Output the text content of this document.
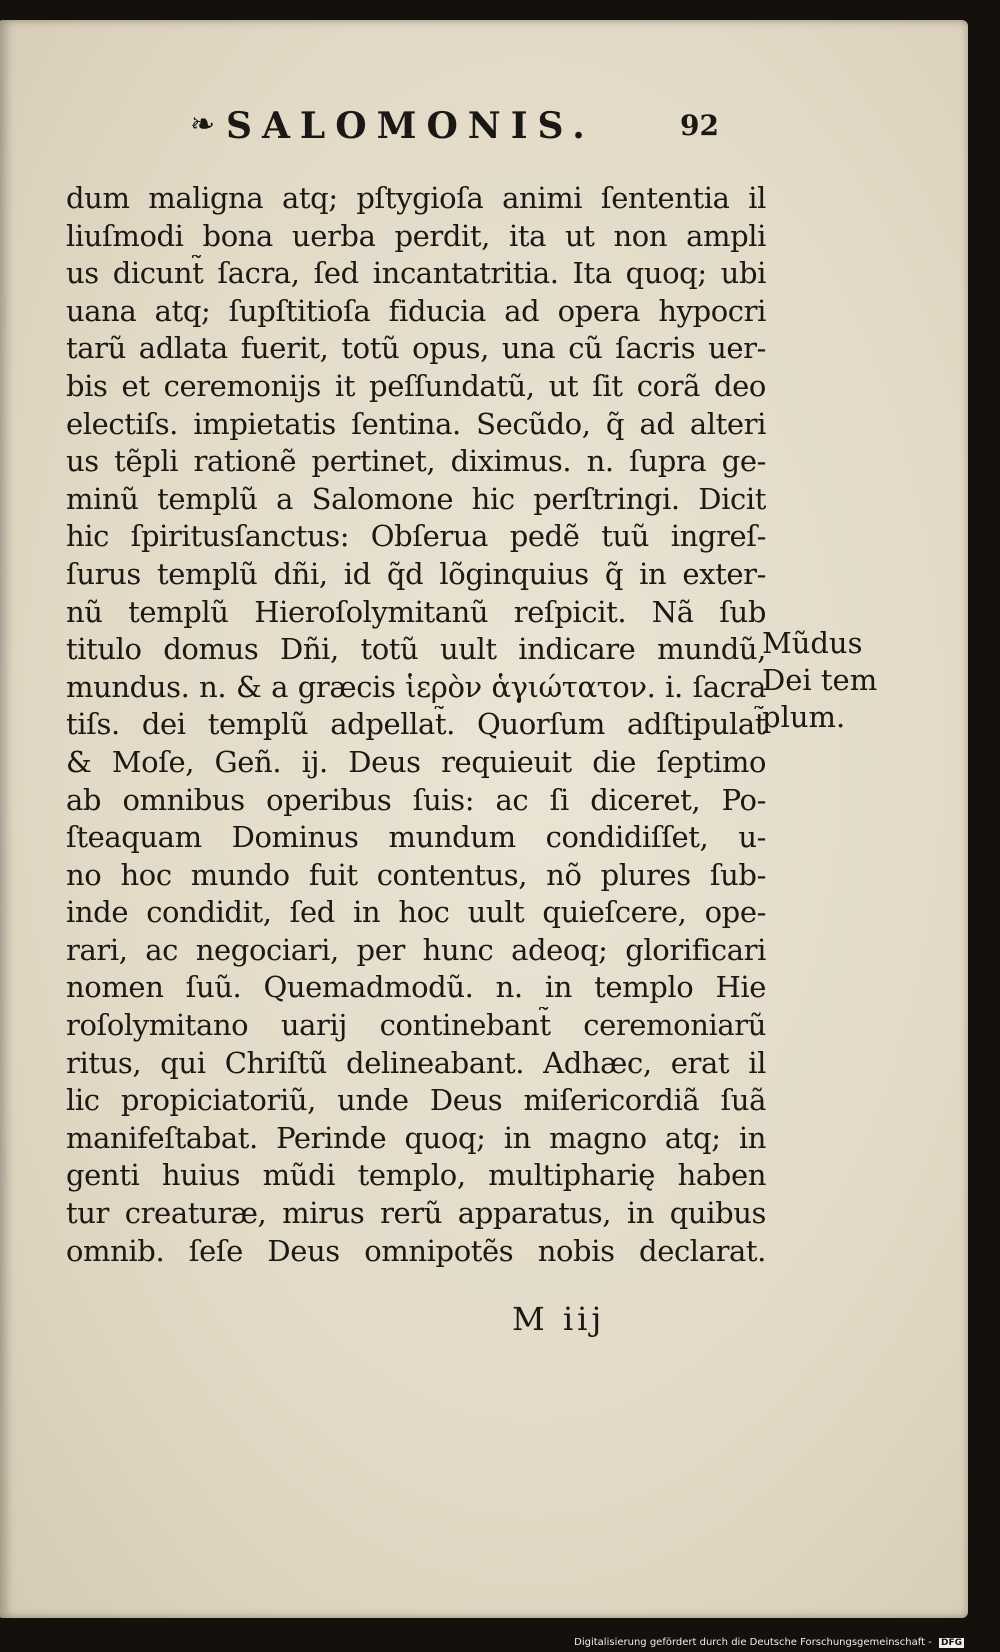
❧ SALOMONIS.	92
dum maligna atq; pſtygioſa animi ſententia il
liuſmodi bona uerba perdit, ita ut non ampli
us dicunt̃ ſacra, ſed incantatritia. Ita quoq; ubi
uana atq; ſupſtitioſa fiducia ad opera hypocri
tarũ adlata fuerit, totũ opus, una cũ ſacris uer-
bis et ceremonijs it peſſundatũ, ut ſit corã deo
electiſs. impietatis ſentina. Secũdo, q̃ ad alteri
us tẽpli rationẽ pertinet, diximus. n. ſupra ge-
minũ templũ a Salomone hic perſtringi. Dicit
hic ſpiritusſanctus: Obſerua pedẽ tuũ ingreſ-
ſurus templũ dñi, id q̃d lõginquius q̃ in exter-
nũ templũ Hieroſolymitanũ reſpicit. Nã ſub
titulo domus Dñi, totũ uult indicare mundũ,
mundus. n. & a græcis ἱερὸν ἁγιώτατον. i. ſacra
tiſs. dei templũ adpellat̃. Quorſum adſtipulat̃
& Moſe, Geñ. ij. Deus requieuit die ſeptimo
ab omnibus operibus ſuis: ac ſi diceret, Po-
ſteaquam Dominus mundum condidiſſet, u-
no hoc mundo fuit contentus, nõ plures ſub-
inde condidit, ſed in hoc uult quieſcere, ope-
rari, ac negociari, per hunc adeoq; glorificari
nomen ſuũ. Quemadmodũ. n. in templo Hie
roſolymitano uarij continebant̃ ceremoniarũ
ritus, qui Chriſtũ delineabant. Adhæc, erat il
lic propiciatoriũ, unde Deus miſericordiã ſuã
manifeſtabat. Perinde quoq; in magno atq; in
genti huius mũdi templo, multipharię haben
tur creaturæ, mirus rerũ apparatus, in quibus
omnib. ſeſe Deus omnipotẽs nobis declarat.
Mũdus
Dei tem
plum.
M iij
Digitalisierung gefördert durch die Deutsche Forschungsgemeinschaft - DFG
